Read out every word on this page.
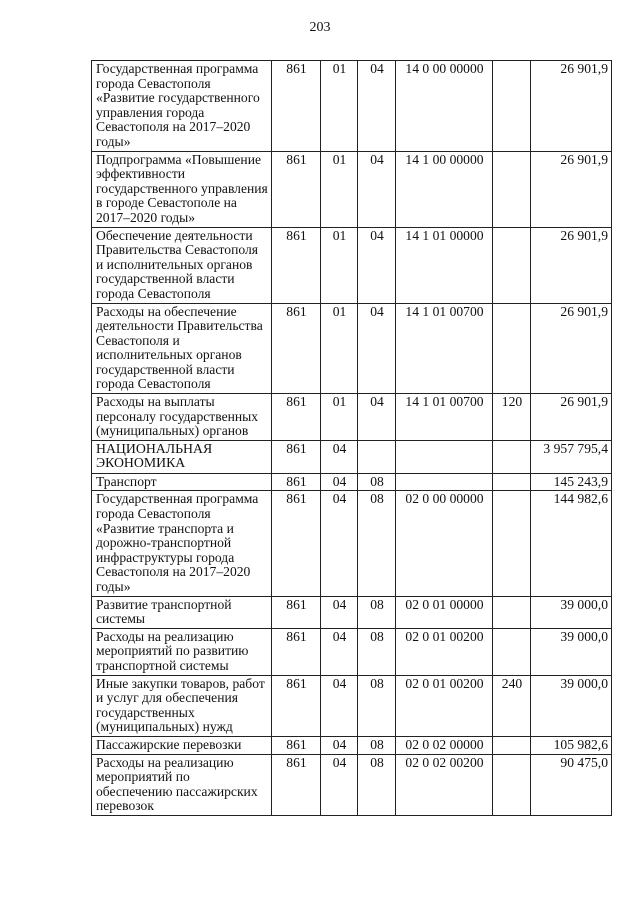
203
Государственная программа города Севастополя «Развитие государственного управления города Севастополя на 2017–2020 годы»	861	01	04	14 0 00 00000		26 901,9
Подпрограмма «Повышение эффективности государственного управления в городе Севастополе на 2017–2020 годы»	861	01	04	14 1 00 00000		26 901,9
Обеспечение деятельности Правительства Севастополя и исполнительных органов государственной власти города Севастополя	861	01	04	14 1 01 00000		26 901,9
Расходы на обеспечение деятельности Правительства Севастополя и исполнительных органов государственной власти города Севастополя	861	01	04	14 1 01 00700		26 901,9
Расходы на выплаты персоналу государственных (муниципальных) органов	861	01	04	14 1 01 00700	120	26 901,9
НАЦИОНАЛЬНАЯ ЭКОНОМИКА	861	04				3 957 795,4
Транспорт	861	04	08			145 243,9
Государственная программа города Севастополя «Развитие транспорта и дорожно-транспортной инфраструктуры города Севастополя на 2017–2020 годы»	861	04	08	02 0 00 00000		144 982,6
Развитие транспортной системы	861	04	08	02 0 01 00000		39 000,0
Расходы на реализацию мероприятий по развитию транспортной системы	861	04	08	02 0 01 00200		39 000,0
Иные закупки товаров, работ и услуг для обеспечения государственных (муниципальных) нужд	861	04	08	02 0 01 00200	240	39 000,0
Пассажирские перевозки	861	04	08	02 0 02 00000		105 982,6
Расходы на реализацию мероприятий по обеспечению пассажирских перевозок	861	04	08	02 0 02 00200		90 475,0
